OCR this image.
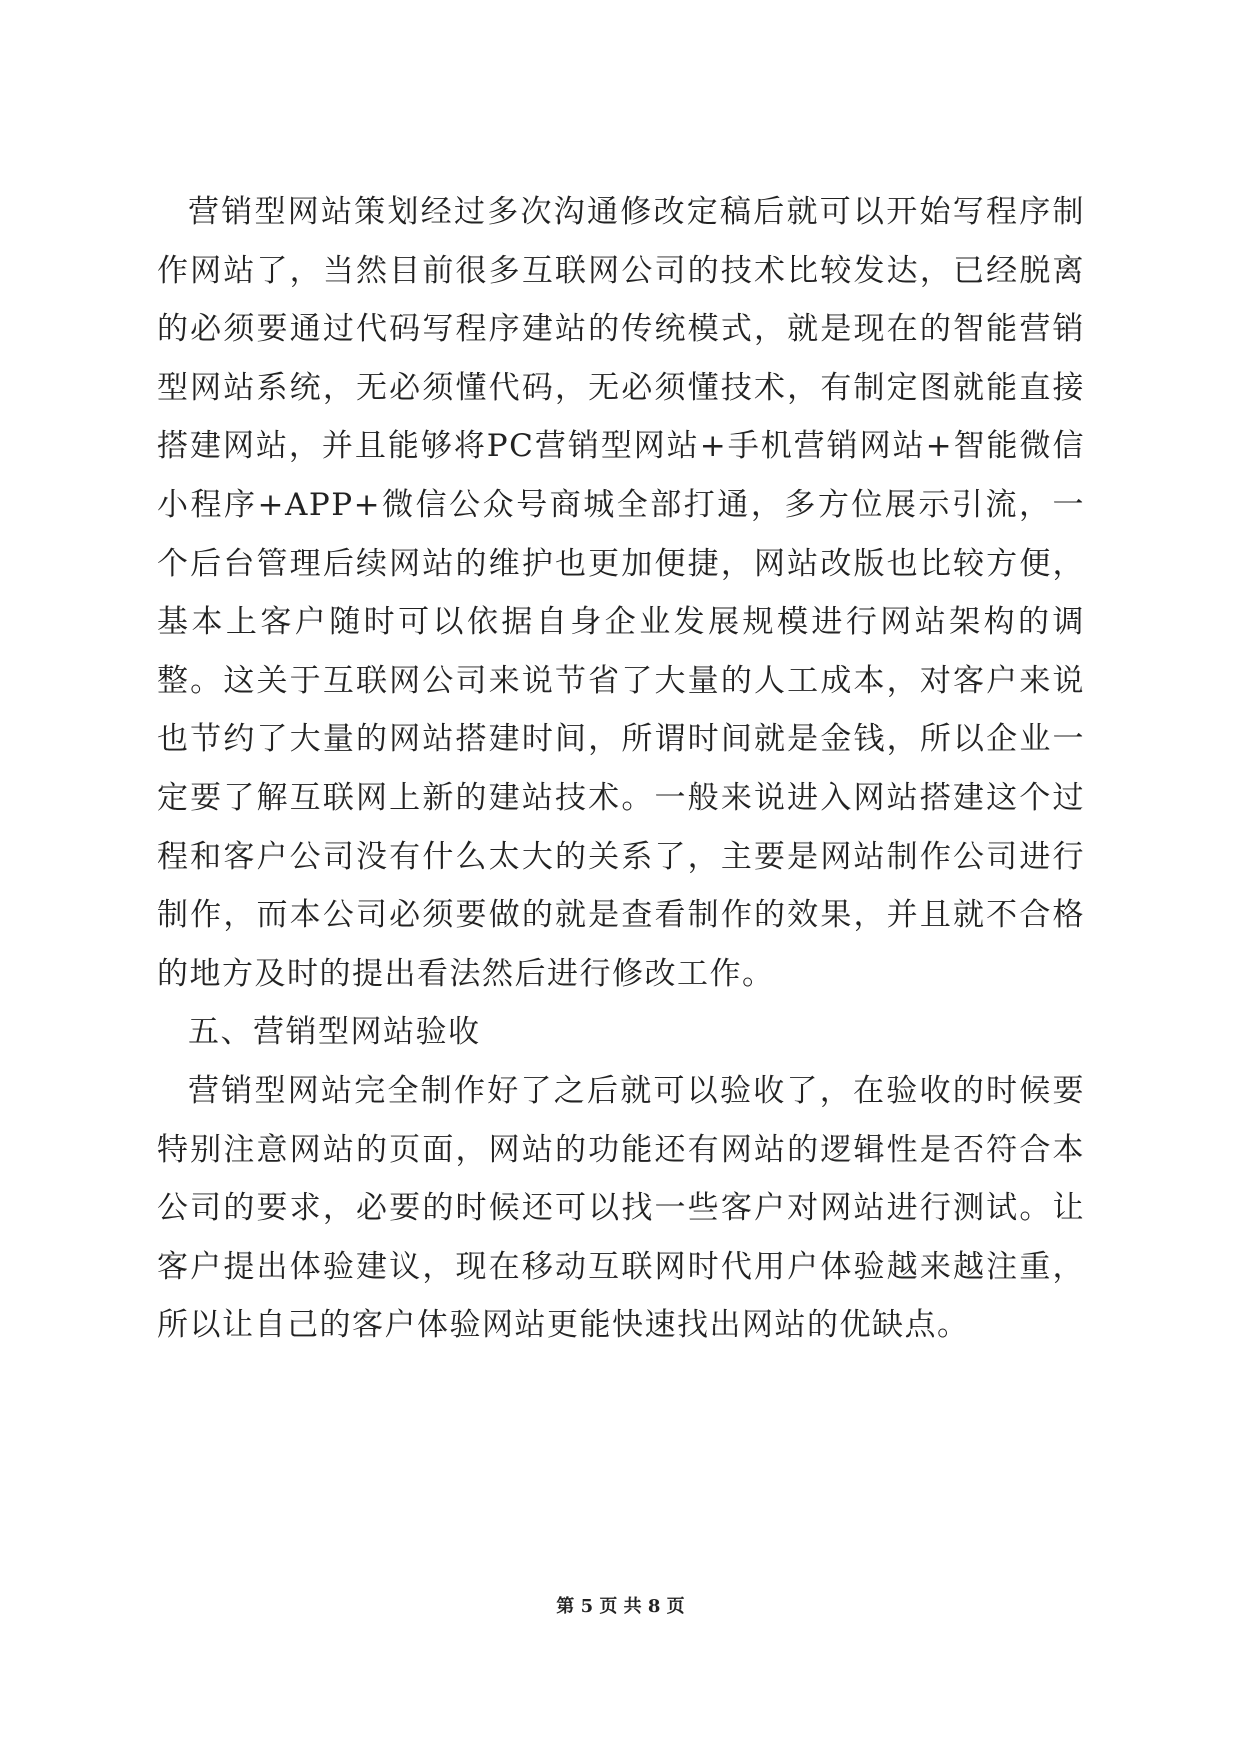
营销型网站策划经过多次沟通修改定稿后就可以开始写程序制作网站了，当然目前很多互联网公司的技术比较发达，已经脱离的必须要通过代码写程序建站的传统模式，就是现在的智能营销型网站系统，无必须懂代码，无必须懂技术，有制定图就能直接搭建网站，并且能够将PC营销型网站+手机营销网站+智能微信小程序+APP+微信公众号商城全部打通，多方位展示引流，一个后台管理后续网站的维护也更加便捷，网站改版也比较方便，基本上客户随时可以依据自身企业发展规模进行网站架构的调整。这关于互联网公司来说节省了大量的人工成本，对客户来说也节约了大量的网站搭建时间，所谓时间就是金钱，所以企业一定要了解互联网上新的建站技术。一般来说进入网站搭建这个过程和客户公司没有什么太大的关系了，主要是网站制作公司进行制作，而本公司必须要做的就是查看制作的效果，并且就不合格的地方及时的提出看法然后进行修改工作。

五、营销型网站验收

营销型网站完全制作好了之后就可以验收了，在验收的时候要特别注意网站的页面，网站的功能还有网站的逻辑性是否符合本公司的要求，必要的时候还可以找一些客户对网站进行测试。让客户提出体验建议，现在移动互联网时代用户体验越来越注重，所以让自己的客户体验网站更能快速找出网站的优缺点。

第 5 页 共 8 页
